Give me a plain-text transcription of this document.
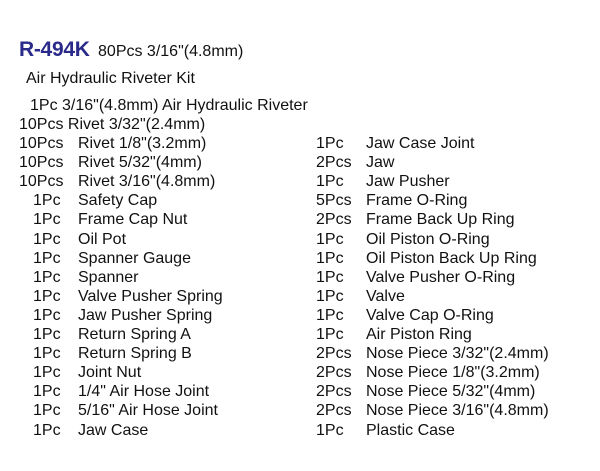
R-494K 80Pcs 3/16"(4.8mm)
Air Hydraulic Riveter Kit
1Pc 3/16"(4.8mm) Air Hydraulic Riveter
10Pcs Rivet 3/32"(2.4mm)
10Pcs Rivet 1/8"(3.2mm)
10Pcs Rivet 5/32"(4mm)
10Pcs Rivet 3/16"(4.8mm)
1Pc Safety Cap
1Pc Frame Cap Nut
1Pc Oil Pot
1Pc Spanner Gauge
1Pc Spanner
1Pc Valve Pusher Spring
1Pc Jaw Pusher Spring
1Pc Return Spring A
1Pc Return Spring B
1Pc Joint Nut
1Pc 1/4" Air Hose Joint
1Pc 5/16" Air Hose Joint
1Pc Jaw Case
1Pc Jaw Case Joint
2Pcs Jaw
1Pc Jaw Pusher
5Pcs Frame O-Ring
2Pcs Frame Back Up Ring
1Pc Oil Piston O-Ring
1Pc Oil Piston Back Up Ring
1Pc Valve Pusher O-Ring
1Pc Valve
1Pc Valve Cap O-Ring
1Pc Air Piston Ring
2Pcs Nose Piece 3/32"(2.4mm)
2Pcs Nose Piece 1/8"(3.2mm)
2Pcs Nose Piece 5/32"(4mm)
2Pcs Nose Piece 3/16"(4.8mm)
1Pc Plastic Case
